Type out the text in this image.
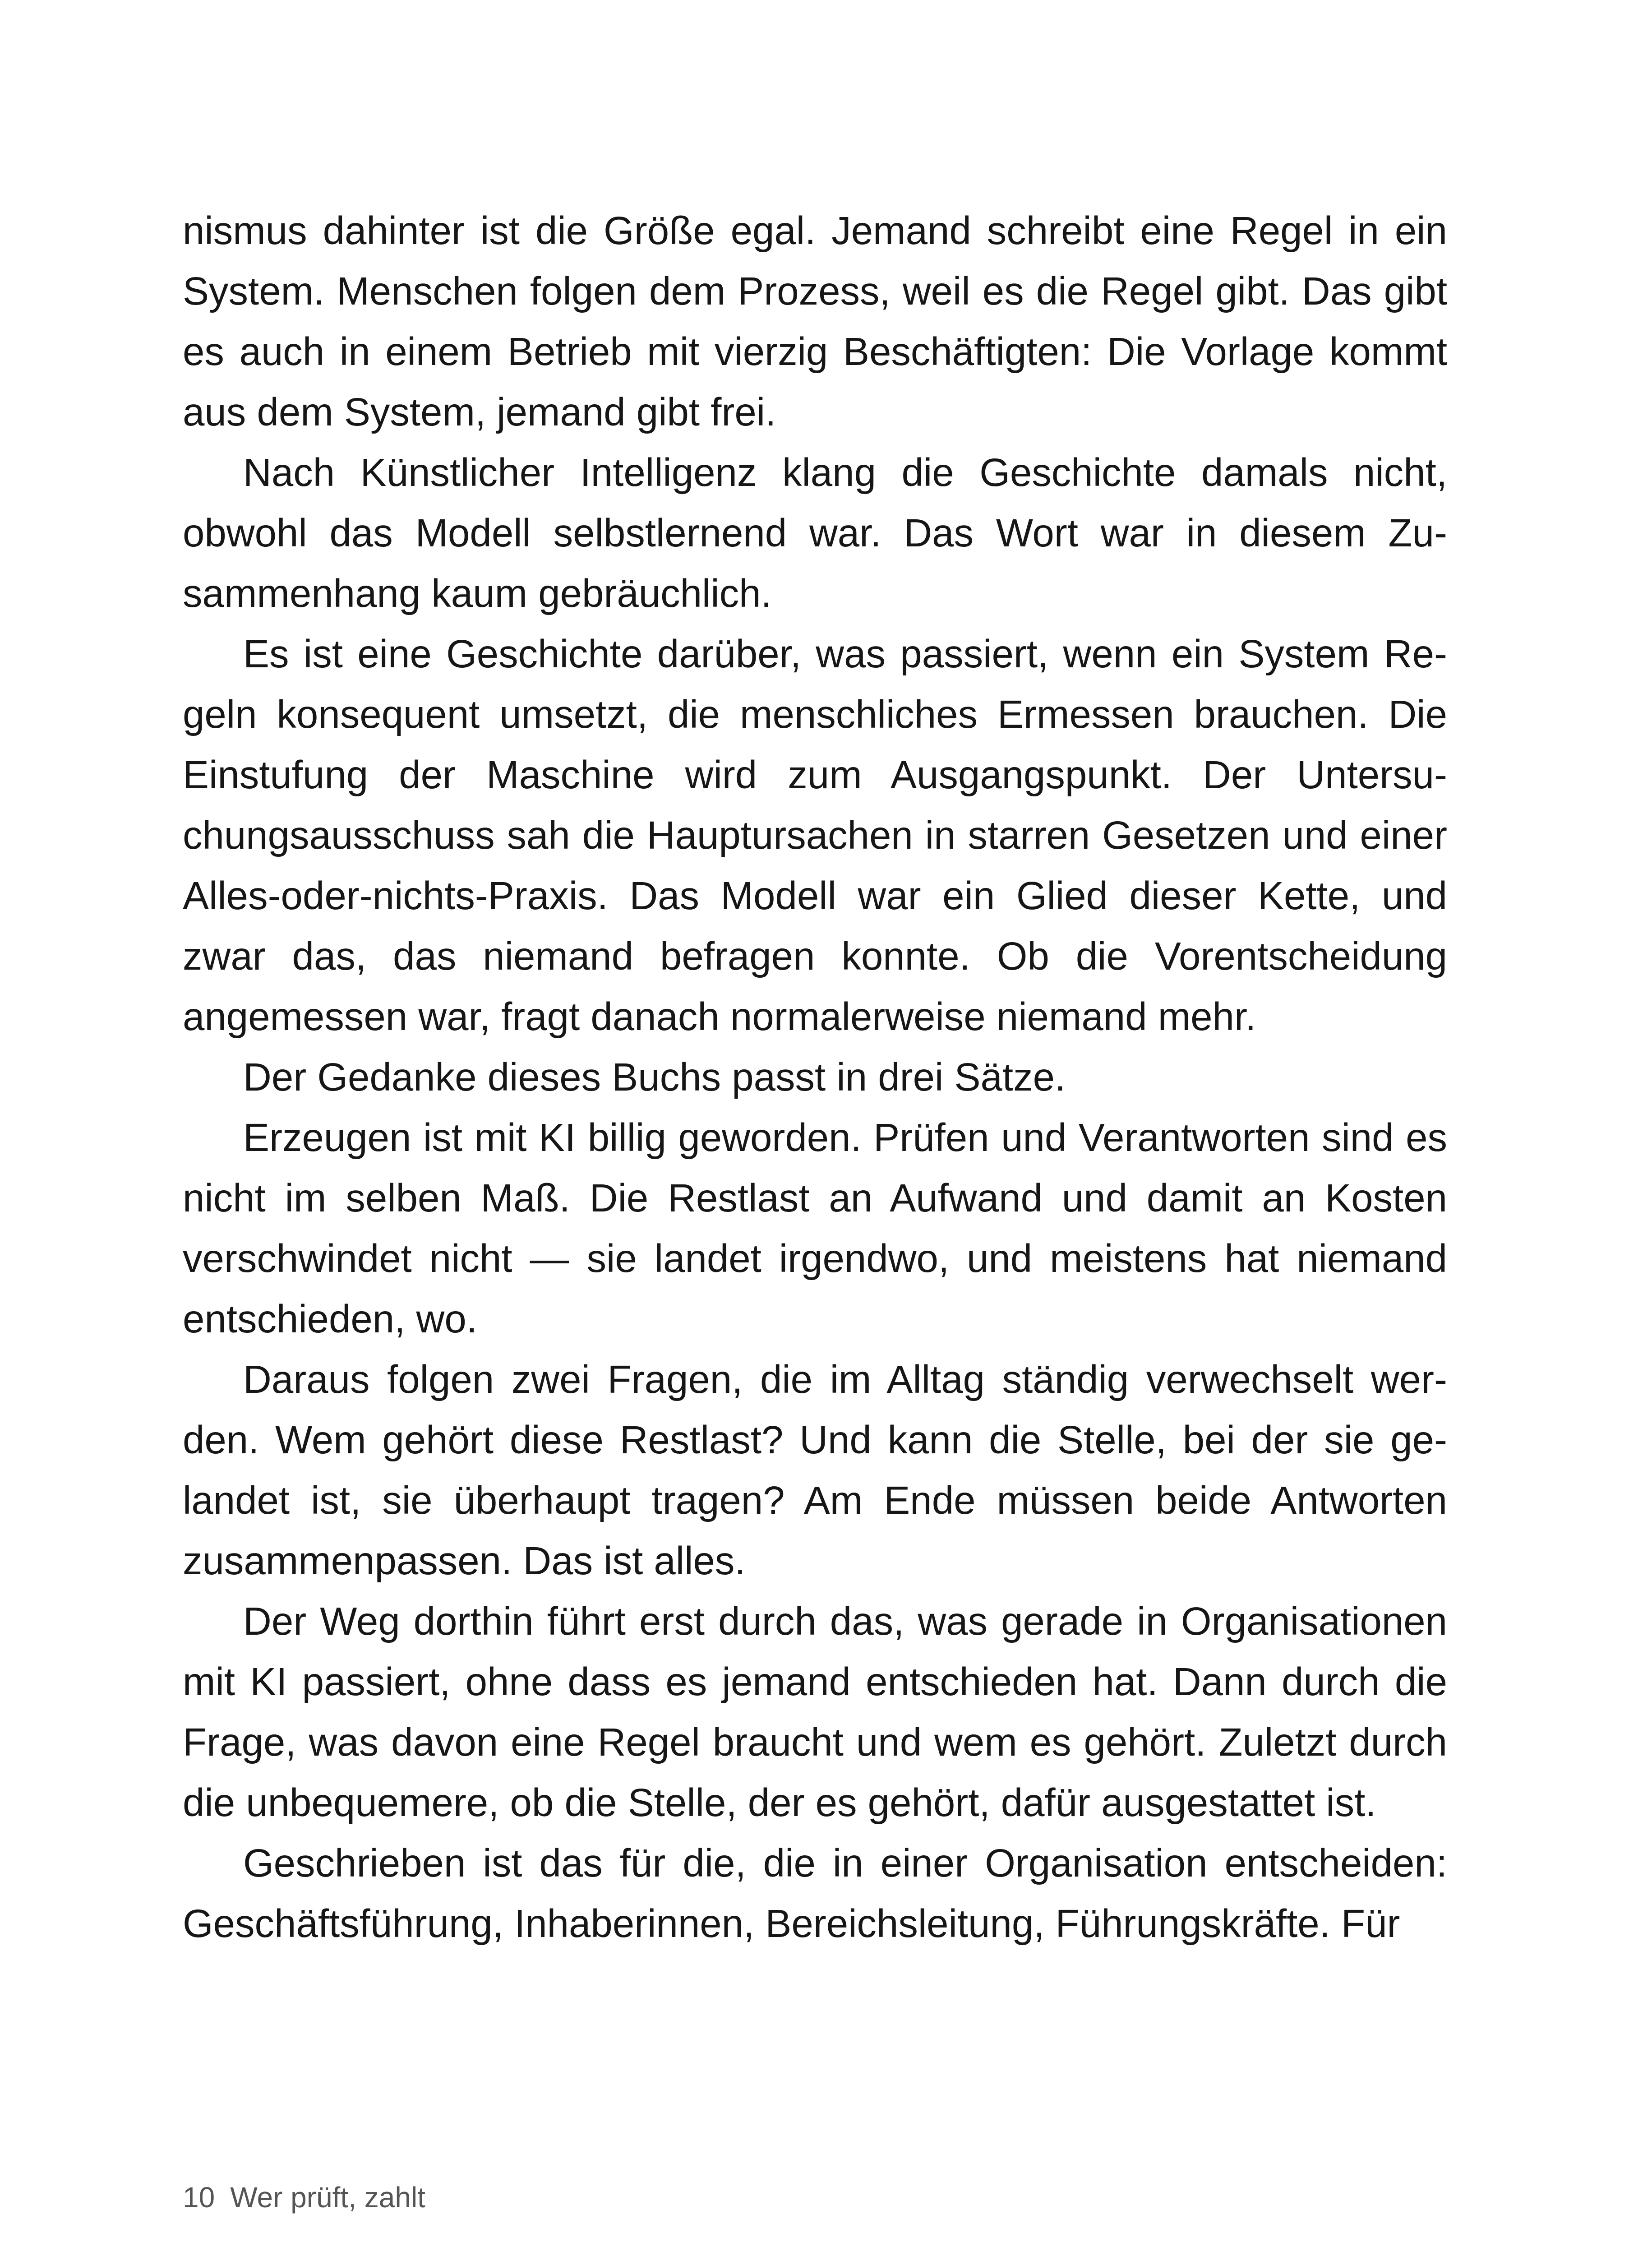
nismus dahinter ist die Größe egal. Jemand schreibt eine Regel in ein System. Menschen folgen dem Prozess, weil es die Regel gibt. Das gibt es auch in einem Betrieb mit vierzig Beschäftigten: Die Vorlage kommt aus dem System, jemand gibt frei.

Nach Künstlicher Intelligenz klang die Geschichte damals nicht, obwohl das Modell selbstlernend war. Das Wort war in diesem Zusammenhang kaum gebräuchlich.

Es ist eine Geschichte darüber, was passiert, wenn ein System Regeln konsequent umsetzt, die menschliches Ermessen brauchen. Die Einstufung der Maschine wird zum Ausgangspunkt. Der Untersuchungsausschuss sah die Hauptursachen in starren Gesetzen und einer Alles-oder-nichts-Praxis. Das Modell war ein Glied dieser Kette, und zwar das, das niemand befragen konnte. Ob die Vorentscheidung angemessen war, fragt danach normalerweise niemand mehr.

Der Gedanke dieses Buchs passt in drei Sätze.

Erzeugen ist mit KI billig geworden. Prüfen und Verantworten sind es nicht im selben Maß. Die Restlast an Aufwand und damit an Kosten verschwindet nicht — sie landet irgendwo, und meistens hat niemand entschieden, wo.

Daraus folgen zwei Fragen, die im Alltag ständig verwechselt werden. Wem gehört diese Restlast? Und kann die Stelle, bei der sie gelandet ist, sie überhaupt tragen? Am Ende müssen beide Antworten zusammenpassen. Das ist alles.

Der Weg dorthin führt erst durch das, was gerade in Organisationen mit KI passiert, ohne dass es jemand entschieden hat. Dann durch die Frage, was davon eine Regel braucht und wem es gehört. Zuletzt durch die unbequemere, ob die Stelle, der es gehört, dafür ausgestattet ist.

Geschrieben ist das für die, die in einer Organisation entscheiden: Geschäftsführung, Inhaberinnen, Bereichsleitung, Führungskräfte. Für

10 Wer prüft, zahlt
